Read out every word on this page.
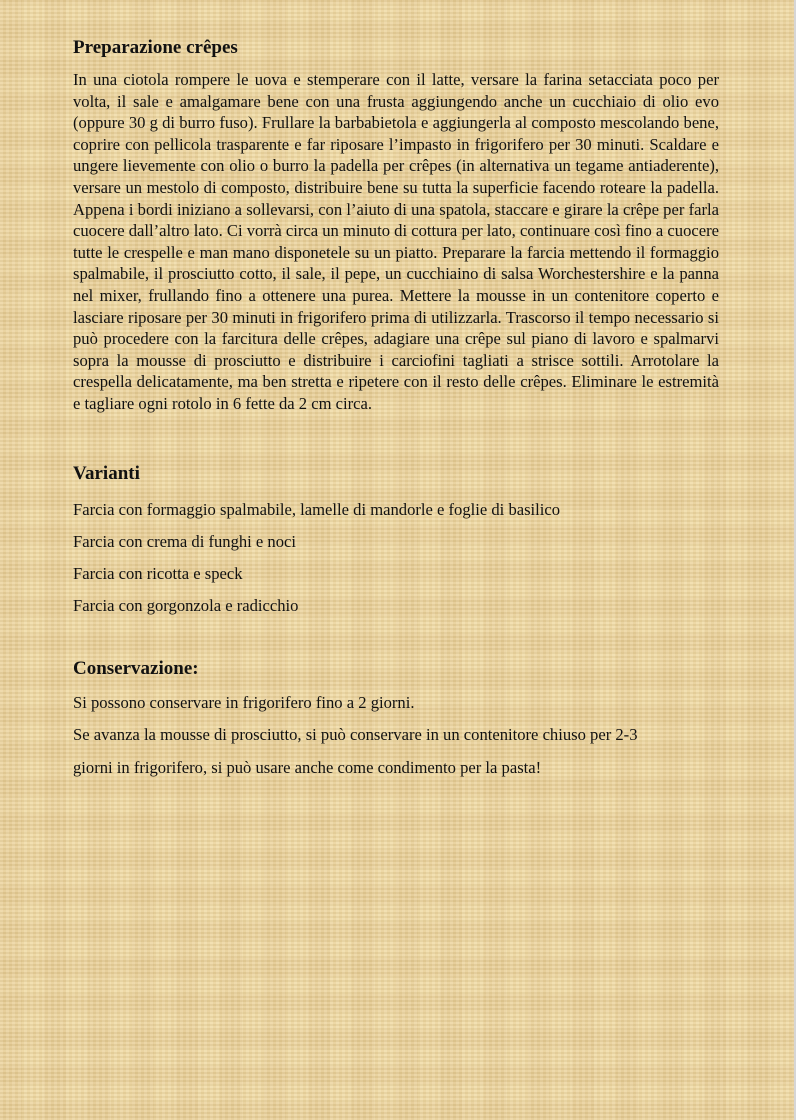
Preparazione crêpes

In una ciotola rompere le uova e stemperare con il latte, versare la farina setacciata poco per volta, il sale e amalgamare bene con una frusta aggiungendo anche un cucchiaio di olio evo (oppure 30 g di burro fuso). Frullare la barbabietola e aggiungerla al composto mescolando bene, coprire con pellicola trasparente e far riposare l’impasto in frigorifero per 30 minuti. Scaldare e ungere lievemente con olio o burro la padella per crêpes (in alternativa un tegame antiaderente), versare un mestolo di composto, distribuire bene su tutta la superficie facendo roteare la padella. Appena i bordi iniziano a sollevarsi, con l’aiuto di una spatola, staccare e girare la crêpe per farla cuocere dall’altro lato. Ci vorrà circa un minuto di cottura per lato, continuare così fino a cuocere tutte le crespelle e man mano disponetele su un piatto. Preparare la farcia mettendo il formaggio spalmabile, il prosciutto cotto, il sale, il pepe, un cucchiaino di salsa Worchestershire e la panna nel mixer, frullando fino a ottenere una purea. Mettere la mousse in un contenitore coperto e lasciare riposare per 30 minuti in frigorifero prima di utilizzarla. Trascorso il tempo necessario si può procedere con la farcitura delle crêpes, adagiare una crêpe sul piano di lavoro e spalmarvi sopra la mousse di prosciutto e distribuire i carciofini tagliati a strisce sottili. Arrotolare la crespella delicatamente, ma ben stretta e ripetere con il resto delle crêpes. Eliminare le estremità e tagliare ogni rotolo in 6 fette da 2 cm circa.

Varianti
Farcia con formaggio spalmabile, lamelle di mandorle e foglie di basilico
Farcia con crema di funghi e noci
Farcia con ricotta e speck
Farcia con gorgonzola e radicchio
Conservazione:
Si possono conservare in frigorifero fino a 2 giorni.
Se avanza la mousse di prosciutto, si può conservare in un contenitore chiuso per 2-3
giorni in frigorifero, si può usare anche come condimento per la pasta!
